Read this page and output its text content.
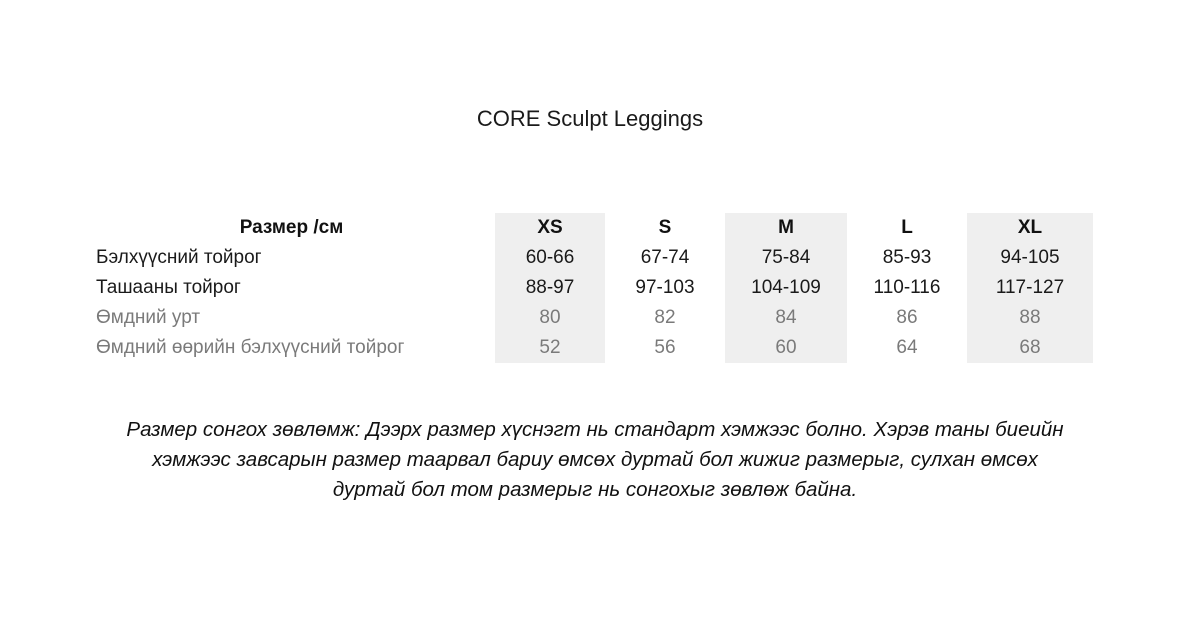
CORE Sculpt Leggings
Размер /см	XS	S	M	L	XL
Бэлхүүсний тойрог	60-66	67-74	75-84	85-93	94-105
Ташааны тойрог	88-97	97-103	104-109	110-116	117-127
Өмдний урт	80	82	84	86	88
Өмдний өөрийн бэлхүүсний тойрог	52	56	60	64	68
Размер сонгох зөвлөмж: Дээрх размер хүснэгт нь стандарт хэмжээс болно. Хэрэв таны биеийн
хэмжээс завсарын размер таарвал бариу өмсөх дуртай бол жижиг размерыг, сулхан өмсөх
дуртай бол том размерыг нь сонгохыг зөвлөж байна.
